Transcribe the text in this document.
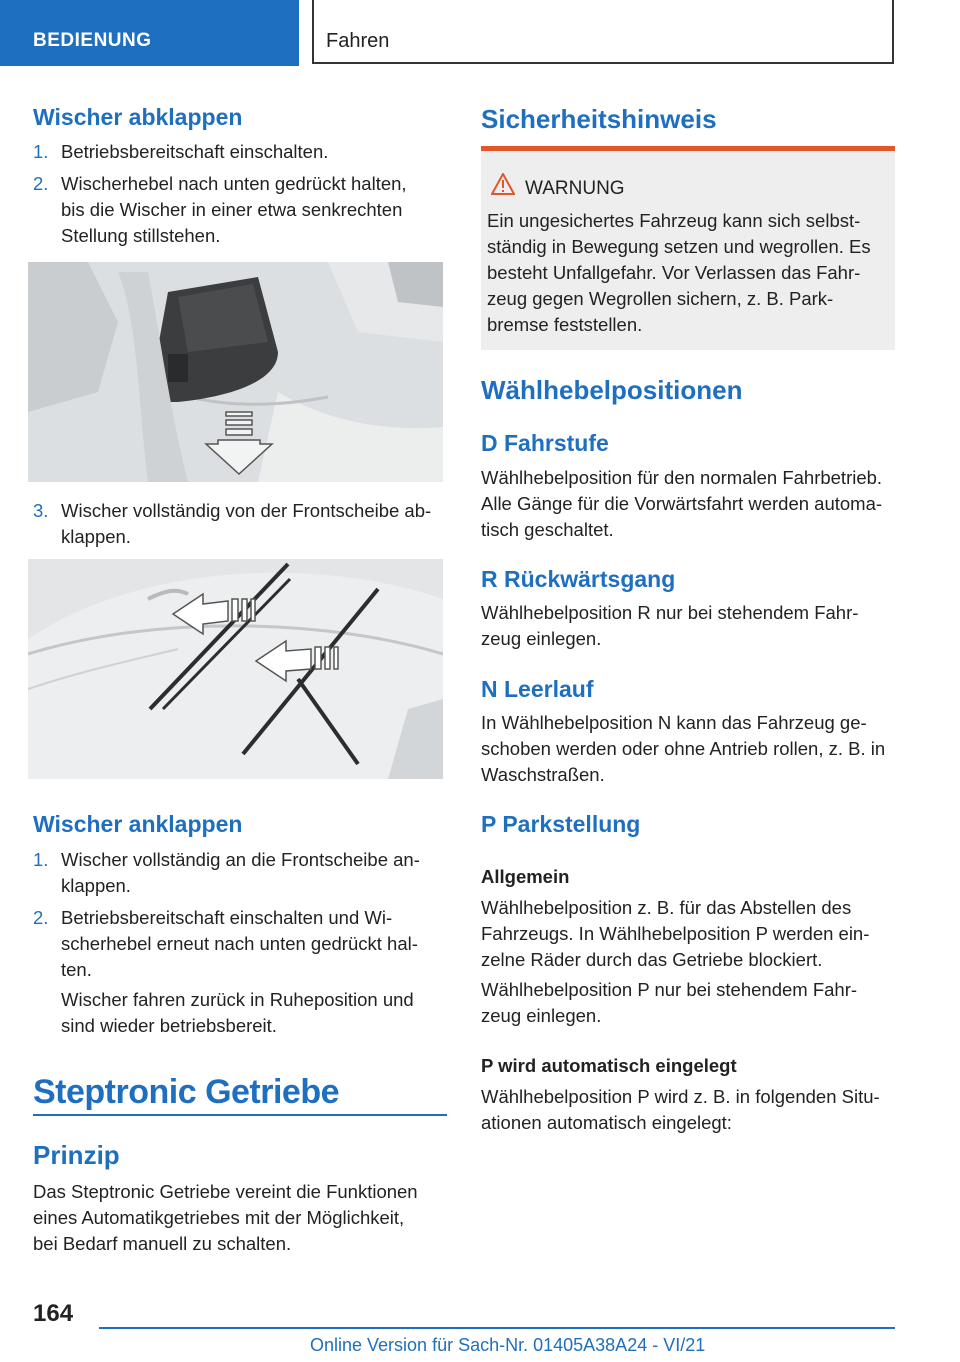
BEDIENUNG	Fahren
Wischer abklappen
1. Betriebsbereitschaft einschalten.

2. Wischerhebel nach unten gedrückt halten,

bis die Wischer in einer etwa senkrechten

Stellung stillstehen.

3. Wischer vollständig von der Frontscheibe ab‐

klappen.

Wischer anklappen
1. Wischer vollständig an die Frontscheibe an‐

klappen.

2. Betriebsbereitschaft einschalten und Wi‐

scherhebel erneut nach unten gedrückt hal‐

ten.

Wischer fahren zurück in Ruheposition und

sind wieder betriebsbereit.

Steptronic Getriebe
Prinzip

Das Steptronic Getriebe vereint die Funktionen

eines Automatikgetriebes mit der Möglichkeit,

bei Bedarf manuell zu schalten.

Sicherheitshinweis
WARNUNG

Ein ungesichertes Fahrzeug kann sich selbst‐

ständig in Bewegung setzen und wegrollen. Es

besteht Unfallgefahr. Vor Verlassen das Fahr‐

zeug gegen Wegrollen sichern, z. B. Park‐

bremse feststellen.

Wählhebelpositionen
D Fahrstufe

Wählhebelposition für den normalen Fahrbetrieb.

Alle Gänge für die Vorwärtsfahrt werden automa‐

tisch geschaltet.

R Rückwärtsgang

Wählhebelposition R nur bei stehendem Fahr‐

zeug einlegen.

N Leerlauf

In Wählhebelposition N kann das Fahrzeug ge‐

schoben werden oder ohne Antrieb rollen, z. B. in

Waschstraßen.

P Parkstellung

Allgemein

Wählhebelposition z. B. für das Abstellen des

Fahrzeugs. In Wählhebelposition P werden ein‐

zelne Räder durch das Getriebe blockiert.

Wählhebelposition P nur bei stehendem Fahr‐

zeug einlegen.

P wird automatisch eingelegt

Wählhebelposition P wird z. B. in folgenden Situ‐

ationen automatisch eingelegt:

164
Online Version für Sach-Nr. 01405A38A24 - VI/21
